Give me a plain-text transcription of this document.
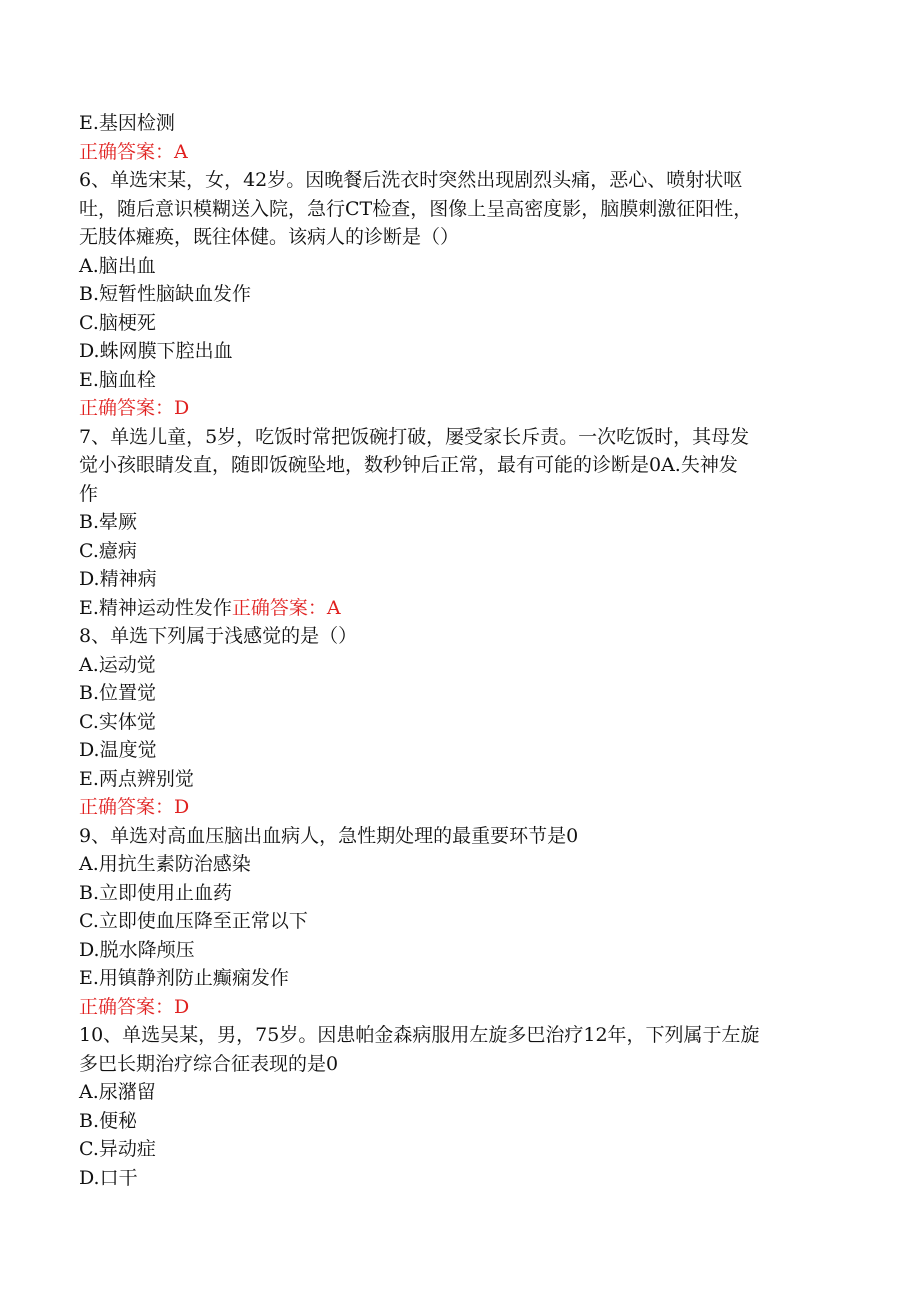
E.基因检测
正确答案：A
6、单选宋某，女，42岁。因晚餐后洗衣时突然出现剧烈头痛，恶心、喷射状呕
吐，随后意识模糊送入院，急行CT检查，图像上呈高密度影，脑膜刺激征阳性，
无肢体瘫痪，既往体健。该病人的诊断是（）
A.脑出血
B.短暂性脑缺血发作
C.脑梗死
D.蛛网膜下腔出血
E.脑血栓
正确答案：D
7、单选儿童，5岁，吃饭时常把饭碗打破，屡受家长斥责。一次吃饭时，其母发
觉小孩眼睛发直，随即饭碗坠地，数秒钟后正常，最有可能的诊断是0A.失神发
作
B.晕厥
C.癔病
D.精神病
E.精神运动性发作正确答案：A
8、单选下列属于浅感觉的是（）
A.运动觉
B.位置觉
C.实体觉
D.温度觉
E.两点辨别觉
正确答案：D
9、单选对高血压脑出血病人，急性期处理的最重要环节是0
A.用抗生素防治感染
B.立即使用止血药
C.立即使血压降至正常以下
D.脱水降颅压
E.用镇静剂防止癫痫发作
正确答案：D
10、单选吴某，男，75岁。因患帕金森病服用左旋多巴治疗12年，下列属于左旋
多巴长期治疗综合征表现的是0
A.尿潴留
B.便秘
C.异动症
D.口干
